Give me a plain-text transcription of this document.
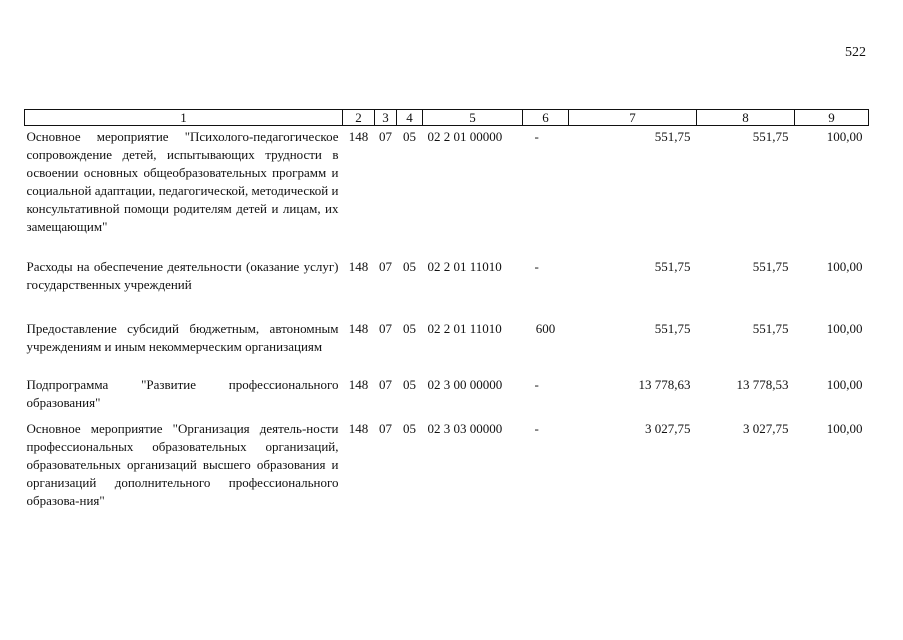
522
1	2	3	4	5	6	7	8	9
Основное мероприятие "Психолого-педагогическое сопровождение детей, испытывающих трудности в освоении основных общеобразовательных программ и социальной адаптации, педагогической, методической и консультативной помощи родителям детей и лицам, их замещающим"	148	07	05	02 2 01 00000	-	551,75	551,75	100,00
Расходы на обеспечение деятельности (оказание услуг) государственных учреждений	148	07	05	02 2 01 11010	-	551,75	551,75	100,00
Предоставление субсидий бюджетным, автономным учреждениям и иным некоммерческим организациям	148	07	05	02 2 01 11010	600	551,75	551,75	100,00
Подпрограмма "Развитие профессионального образования"	148	07	05	02 3 00 00000	-	13 778,63	13 778,53	100,00
Основное мероприятие "Организация деятель-ности профессиональных образовательных организаций, образовательных организаций высшего образования и организаций дополнительного профессионального образова-ния"	148	07	05	02 3 03 00000	-	3 027,75	3 027,75	100,00
